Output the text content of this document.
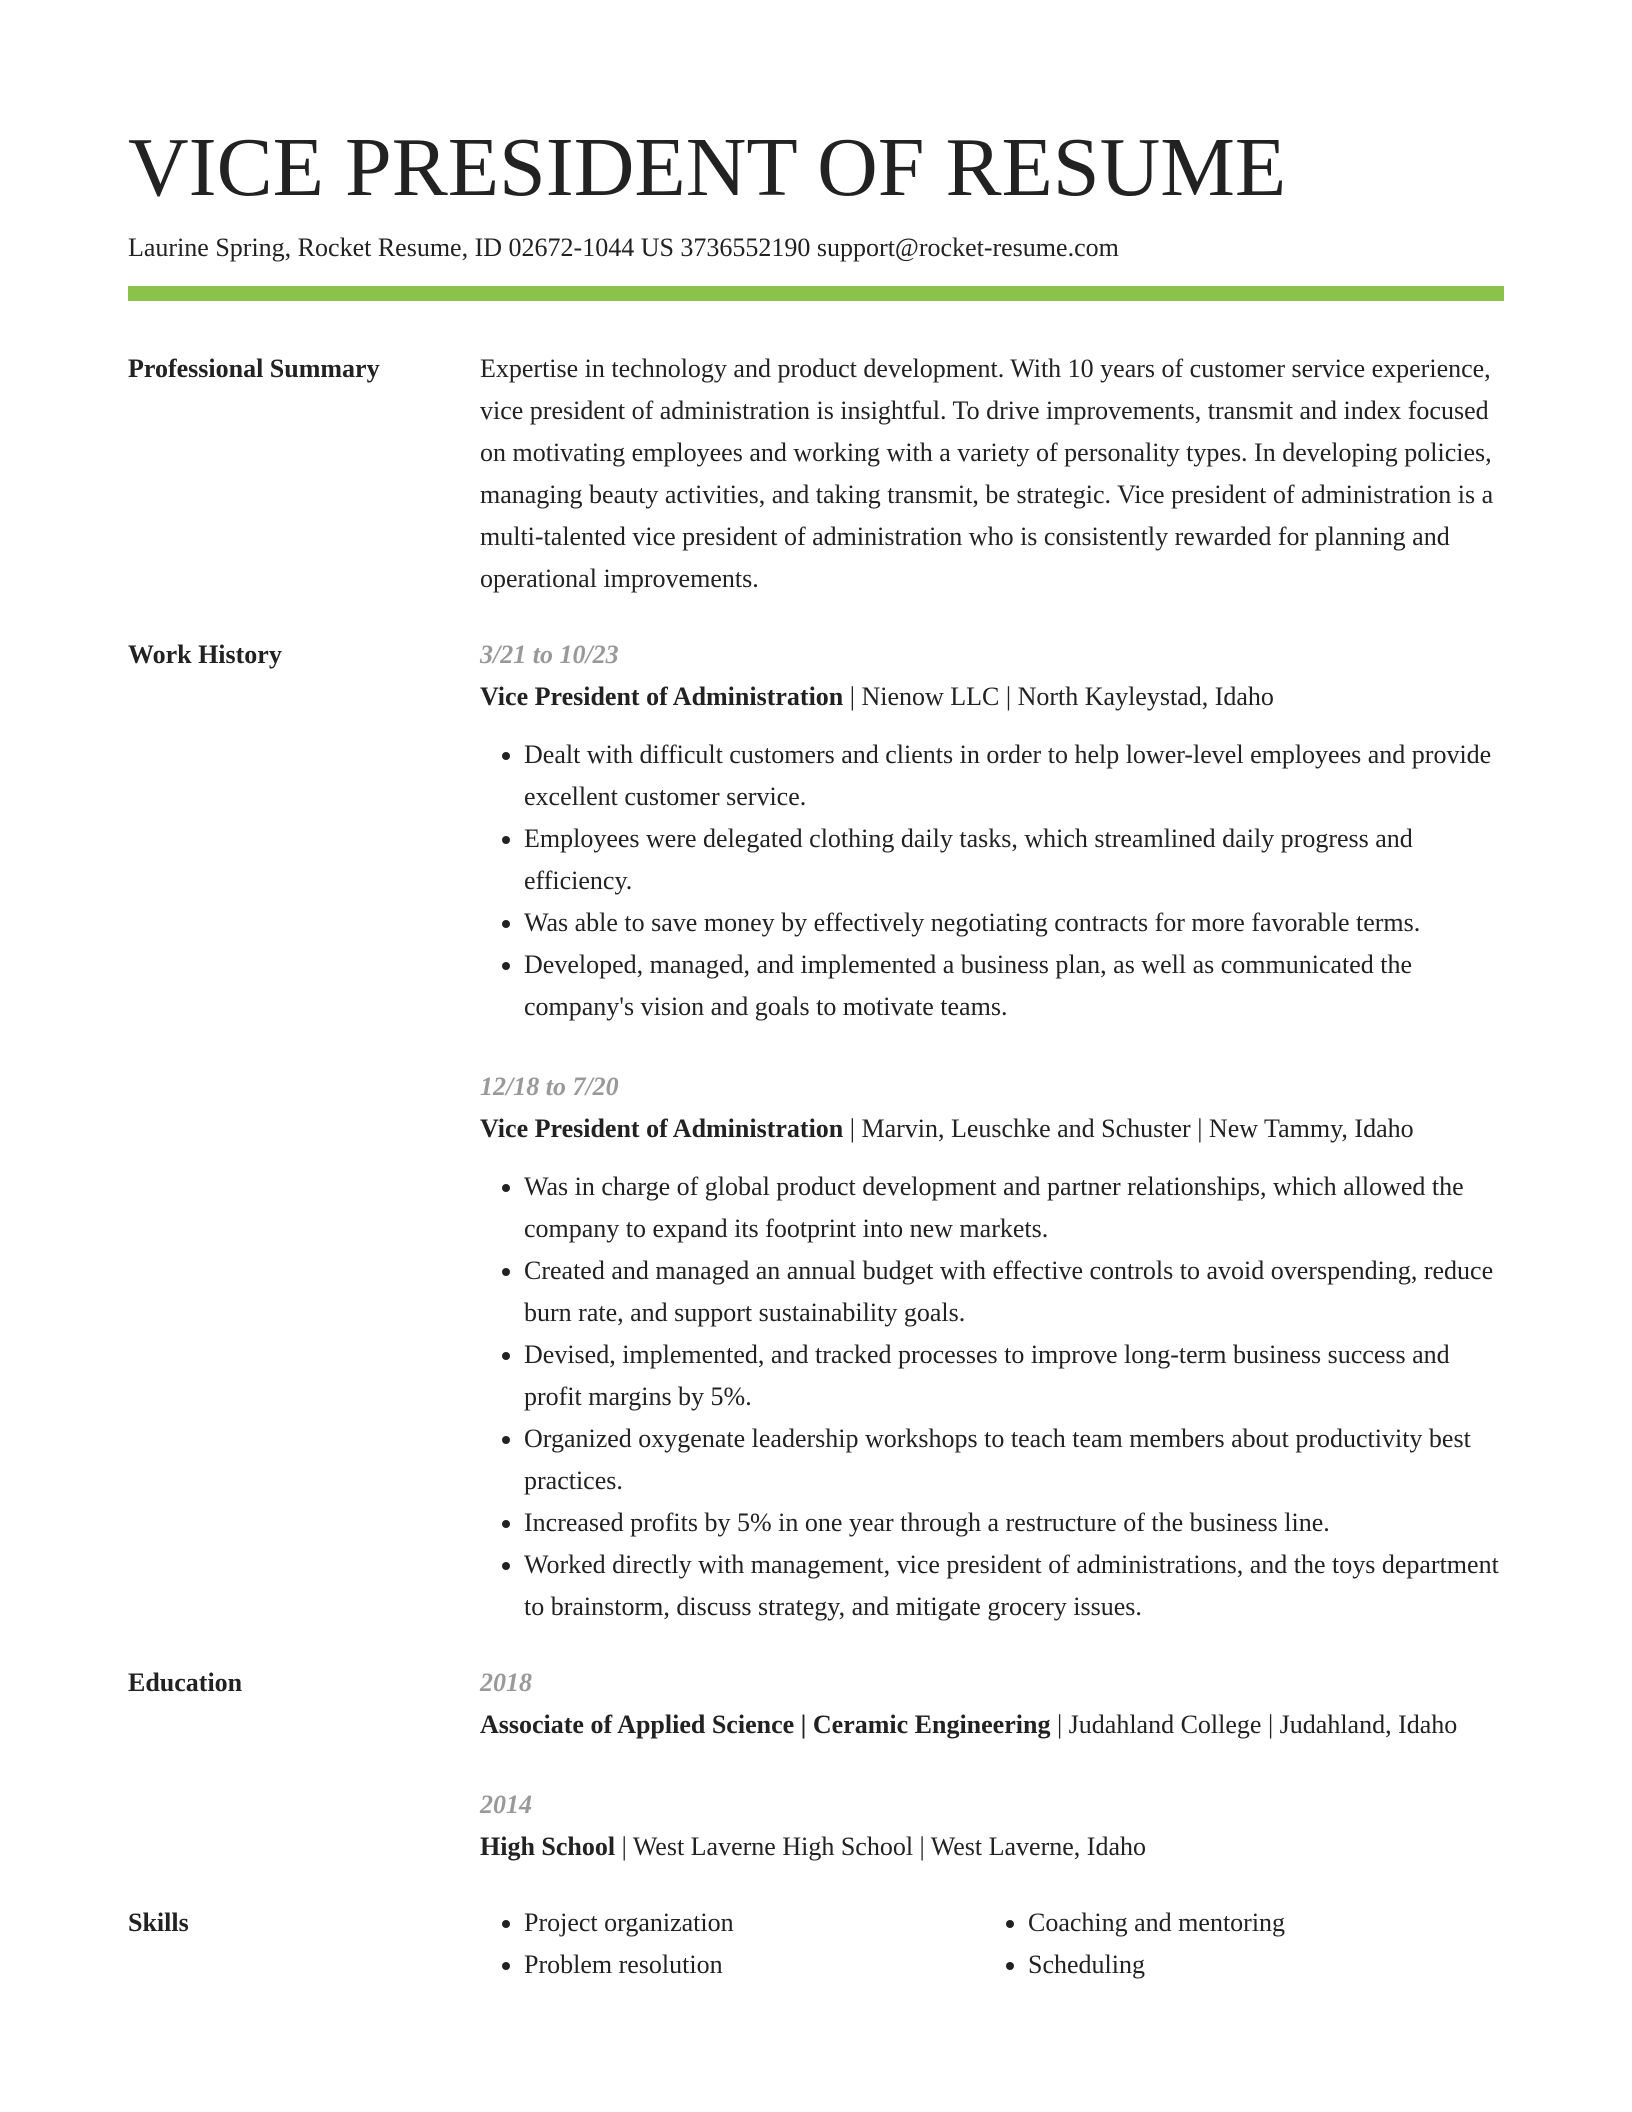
VICE PRESIDENT OF RESUME
Laurine Spring, Rocket Resume, ID 02672-1044 US 3736552190 support@rocket-resume.com
Professional Summary	Expertise in technology and product development. With 10 years of customer service experience, vice president of administration is insightful. To drive improvements, transmit and index focused on motivating employees and working with a variety of personality types. In developing policies, managing beauty activities, and taking transmit, be strategic. Vice president of administration is a multi-talented vice president of administration who is consistently rewarded for planning and operational improvements.

Work History	3/21 to 10/23
Vice President of Administration | Nienow LLC | North Kayleystad, Idaho
• Dealt with difficult customers and clients in order to help lower-level employees and provide excellent customer service.
• Employees were delegated clothing daily tasks, which streamlined daily progress and efficiency.
• Was able to save money by effectively negotiating contracts for more favorable terms.
• Developed, managed, and implemented a business plan, as well as communicated the company's vision and goals to motivate teams.
12/18 to 7/20
Vice President of Administration | Marvin, Leuschke and Schuster | New Tammy, Idaho
• Was in charge of global product development and partner relationships, which allowed the company to expand its footprint into new markets.
• Created and managed an annual budget with effective controls to avoid overspending, reduce burn rate, and support sustainability goals.
• Devised, implemented, and tracked processes to improve long-term business success and profit margins by 5%.
• Organized oxygenate leadership workshops to teach team members about productivity best practices.
• Increased profits by 5% in one year through a restructure of the business line.
• Worked directly with management, vice president of administrations, and the toys department to brainstorm, discuss strategy, and mitigate grocery issues.
Education	2018
Associate of Applied Science | Ceramic Engineering | Judahland College | Judahland, Idaho
2014
High School | West Laverne High School | West Laverne, Idaho
Skills
•	Project organization
• Problem resolution
• Coaching and mentoring
• Scheduling
